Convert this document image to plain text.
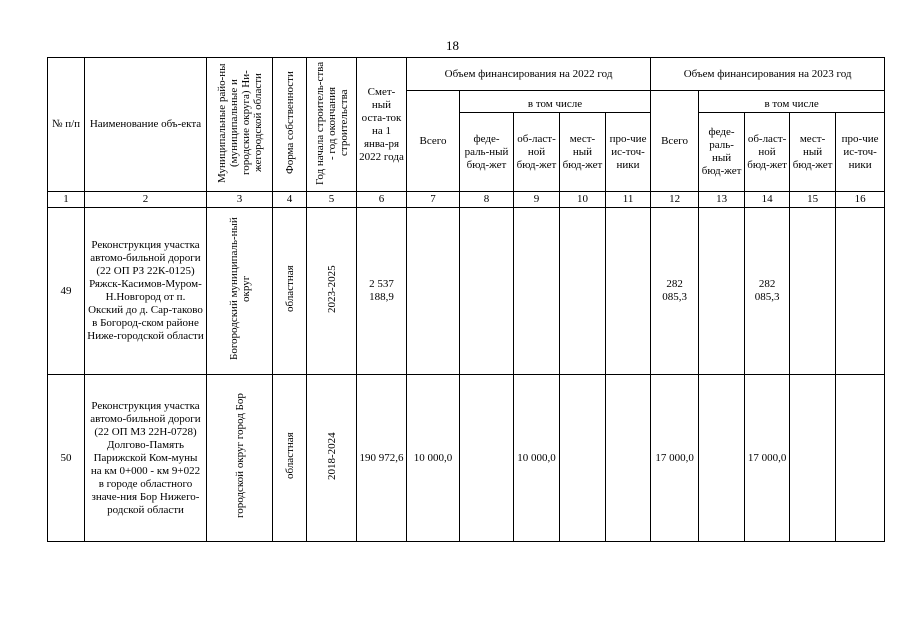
18
№ п/п	Наименование объ-екта	Муниципальные райо-ны (муниципальные и городские округа) Ни-жегородской области	Форма собственности	Год начала строитель-ства - год окончания строительства	Смет-ный оста-ток на 1 янва-ря 2022 года	Объем финансирования на 2022 год					Объем финансирования на 2023 год				
						Всего	в том числе				Всего	в том числе			
							феде-раль-ный бюд-жет	об-ласт-ной бюд-жет	мест-ный бюд-жет	про-чие ис-точ-ники		феде-раль-ный бюд-жет	об-ласт-ной бюд-жет	мест-ный бюд-жет	про-чие ис-точ-ники
1	2	3	4	5	6	7	8	9	10	11	12	13	14	15	16
49	Реконструкция участка автомо-бильной дороги (22 ОП РЗ 22К-0125) Ряжск-Касимов-Муром-Н.Новгород от п. Окский до д. Сар-таково в Богород-ском районе Ниже-городской области	Богородский муниципаль-ный округ	областная	2023-2025	2 537 188,9						282 085,3		282 085,3		
50	Реконструкция участка автомо-бильной дороги (22 ОП МЗ 22Н-0728) Долгово-Память Парижской Ком-муны на км 0+000 - км 9+022 в городе областного значе-ния Бор Нижего-родской области	городской округ город Бор	областная	2018-2024	190 972,6	10 000,0		10 000,0			17 000,0		17 000,0		
